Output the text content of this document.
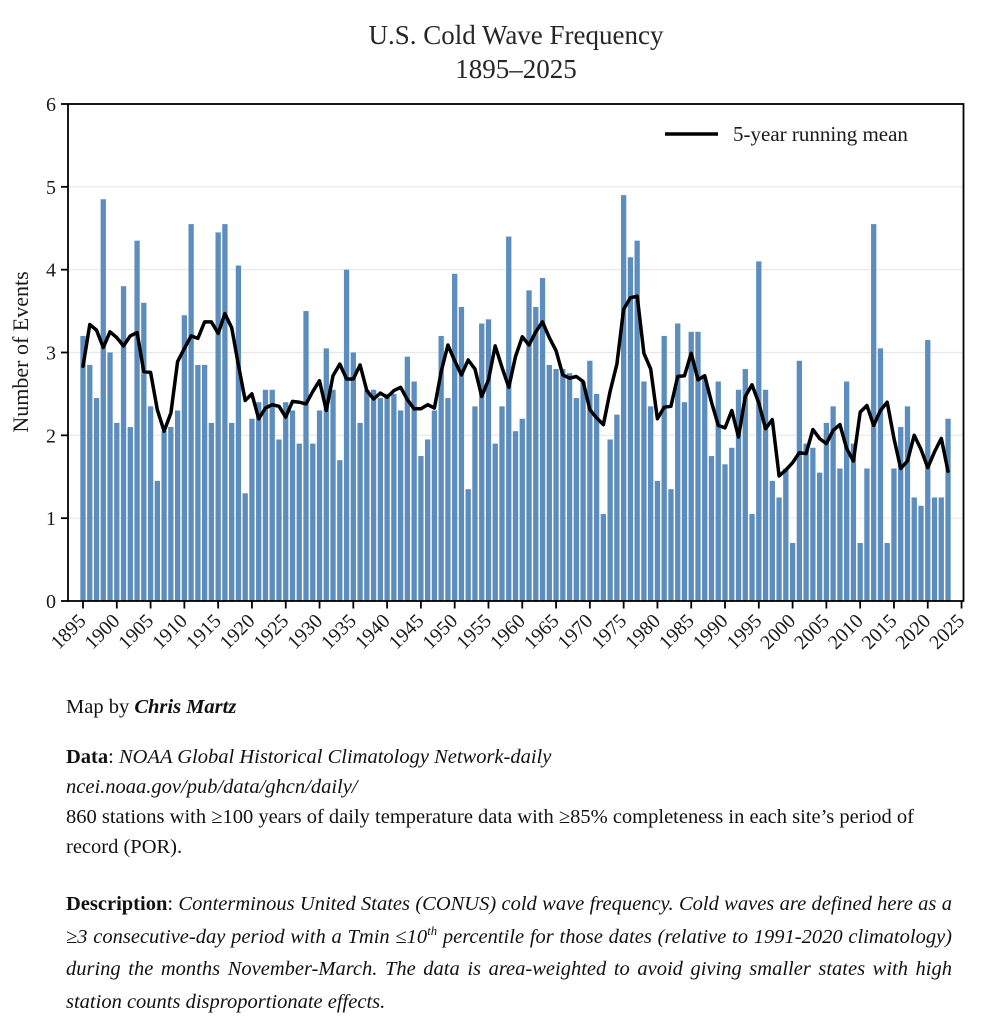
1895
1900
1905
1910
1915
1920
1925
1930
1935
1940
1945
1950
1955
1960
1965
1970
1975
1980
1985
1990
1995
2000
2005
2010
2015
2020
2025
0
1
2
3
4
5
6
U.S. Cold Wave Frequency
1895–2025
Number of Events
5-year running mean
Map by Chris Martz
Data: NOAA Global Historical Climatology Network-daily
ncei.noaa.gov/pub/data/ghcn/daily/
860 stations with ≥100 years of daily temperature data with ≥85% completeness in each site’s period of record (POR).
Description: Conterminous United States (CONUS) cold wave frequency. Cold waves are defined here as a ≥3 consecutive-day period with a Tmin ≤10th percentile for those dates (relative to 1991-2020 climatology) during the months November-March. The data is area-weighted to avoid giving smaller states with high station counts disproportionate effects.
